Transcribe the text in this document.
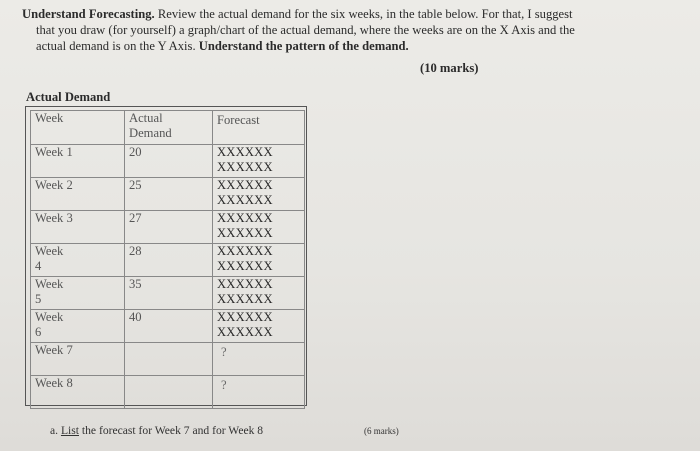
Understand Forecasting. Review the actual demand for the six weeks, in the table below. For that, I suggest
that you draw (for yourself) a graph/chart of the actual demand, where the weeks are on the X Axis and the
actual demand is on the Y Axis. Understand the pattern of the demand.
(10 marks)
Actual Demand
Week	Actual Demand	Forecast

Week 1	20	XXXXXX
XXXXXX

Week 2	25	XXXXXX
XXXXXX

Week 3	27	XXXXXX
XXXXXX

Week 4	28	XXXXXX
XXXXXX

Week 5	35	XXXXXX
XXXXXX

Week 6	40	XXXXXX
XXXXXX

Week 7		?

Week 8		?
a. List the forecast for Week 7 and for Week 8	(6 marks)
